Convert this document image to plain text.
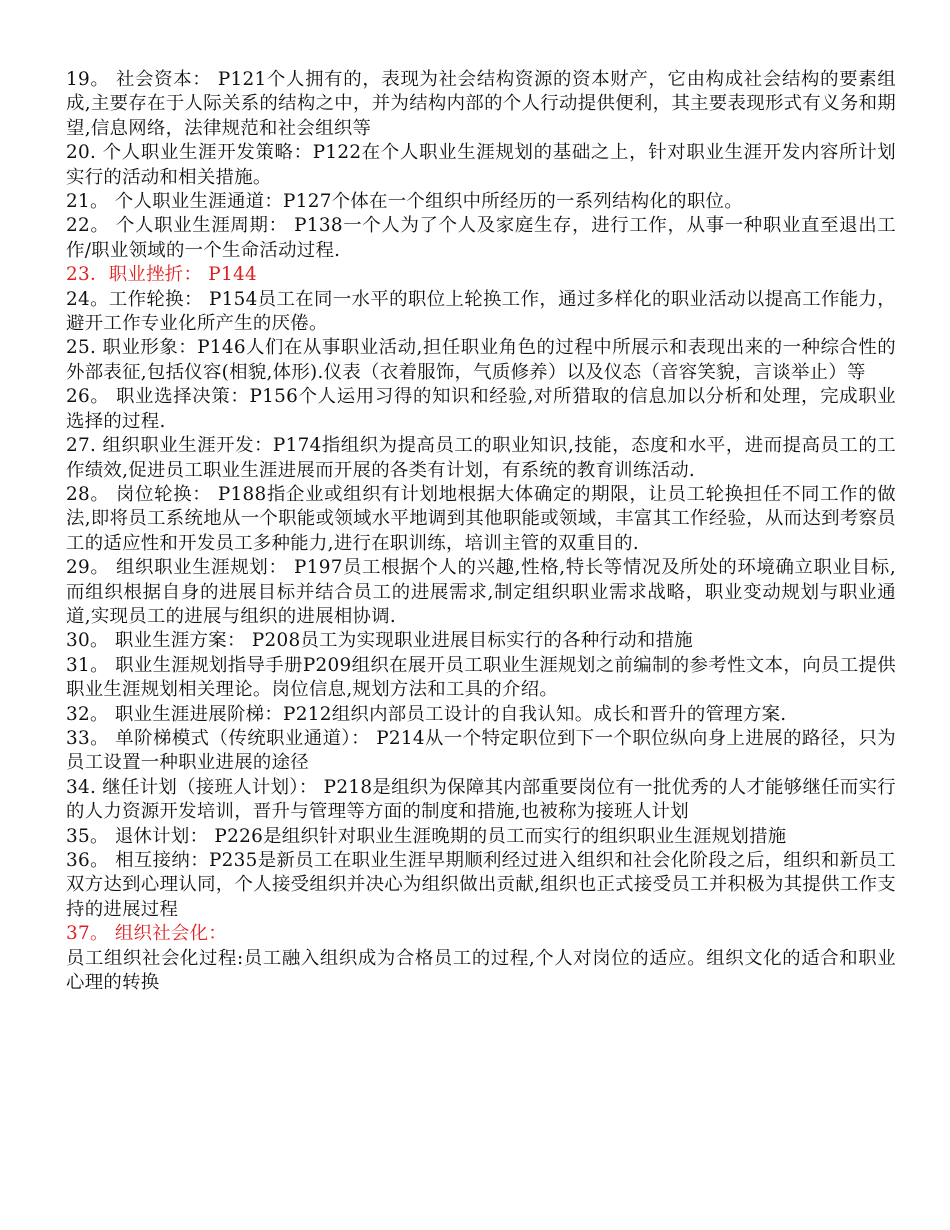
19。 社会资本： P121个人拥有的，表现为社会结构资源的资本财产，它由构成社会结构的要素组成,主要存在于人际关系的结构之中，并为结构内部的个人行动提供便利，其主要表现形式有义务和期望,信息网络，法律规范和社会组织等

20. 个人职业生涯开发策略：P122在个人职业生涯规划的基础之上，针对职业生涯开发内容所计划实行的活动和相关措施。

21。 个人职业生涯通道：P127个体在一个组织中所经历的一系列结构化的职位。

22。 个人职业生涯周期： P138一个人为了个人及家庭生存，进行工作，从事一种职业直至退出工作/职业领域的一个生命活动过程.

23．职业挫折： P144

24。工作轮换： P154员工在同一水平的职位上轮换工作，通过多样化的职业活动以提高工作能力，避开工作专业化所产生的厌倦。

25. 职业形象：P146人们在从事职业活动,担任职业角色的过程中所展示和表现出来的一种综合性的外部表征,包括仪容(相貌,体形).仪表（衣着服饰，气质修养）以及仪态（音容笑貌，言谈举止）等

26。 职业选择决策：P156个人运用习得的知识和经验,对所猎取的信息加以分析和处理，完成职业选择的过程.

27. 组织职业生涯开发：P174指组织为提高员工的职业知识,技能，态度和水平，进而提高员工的工作绩效,促进员工职业生涯进展而开展的各类有计划，有系统的教育训练活动.

28。 岗位轮换： P188指企业或组织有计划地根据大体确定的期限，让员工轮换担任不同工作的做法,即将员工系统地从一个职能或领域水平地调到其他职能或领域，丰富其工作经验，从而达到考察员工的适应性和开发员工多种能力,进行在职训练，培训主管的双重目的.

29。 组织职业生涯规划： P197员工根据个人的兴趣,性格,特长等情况及所处的环境确立职业目标,而组织根据自身的进展目标并结合员工的进展需求,制定组织职业需求战略，职业变动规划与职业通道,实现员工的进展与组织的进展相协调.

30。 职业生涯方案： P208员工为实现职业进展目标实行的各种行动和措施

31。 职业生涯规划指导手册P209组织在展开员工职业生涯规划之前编制的参考性文本，向员工提供职业生涯规划相关理论。岗位信息,规划方法和工具的介绍。

32。 职业生涯进展阶梯：P212组织内部员工设计的自我认知。成长和晋升的管理方案.

33。 单阶梯模式（传统职业通道）： P214从一个特定职位到下一个职位纵向身上进展的路径，只为员工设置一种职业进展的途径

34. 继任计划（接班人计划）： P218是组织为保障其内部重要岗位有一批优秀的人才能够继任而实行的人力资源开发培训，晋升与管理等方面的制度和措施,也被称为接班人计划

35。 退休计划： P226是组织针对职业生涯晚期的员工而实行的组织职业生涯规划措施

36。 相互接纳：P235是新员工在职业生涯早期顺利经过进入组织和社会化阶段之后，组织和新员工双方达到心理认同，个人接受组织并决心为组织做出贡献,组织也正式接受员工并积极为其提供工作支持的进展过程

37。 组织社会化：

员工组织社会化过程:员工融入组织成为合格员工的过程,个人对岗位的适应。组织文化的适合和职业心理的转换
